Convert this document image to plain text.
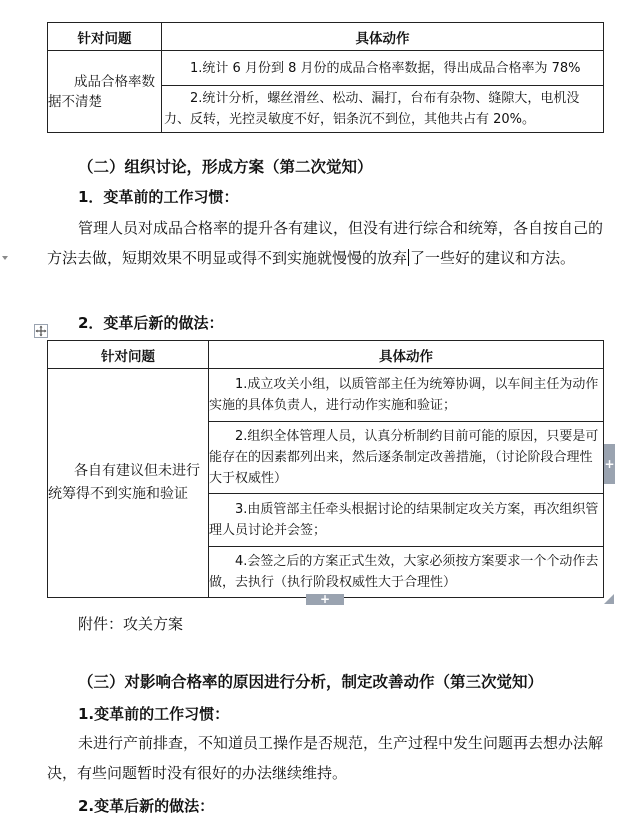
针对问题	具体动作
成品合格率数据不清楚	1.统计 6 月份到 8 月份的成品合格率数据，得出成品合格率为 78%
	2.统计分析，螺丝滑丝、松动、漏打，台布有杂物、缝隙大，电机没力、反转，光控灵敏度不好，铝条沉不到位，其他共占有 20%。
（二）组织讨论，形成方案（第二次觉知）
1．变革前的工作习惯：
管理人员对成品合格率的提升各有建议，但没有进行综合和统筹，各自按自己的方法去做，短期效果不明显或得不到实施就慢慢的放弃 了一些好的建议和方法。
2．变革后新的做法：
针对问题	具体动作
各自有建议但未进行统筹得不到实施和验证	1.成立攻关小组，以质管部主任为统筹协调，以车间主任为动作实施的具体负责人，进行动作实施和验证；
	2.组织全体管理人员，认真分析制约目前可能的原因，只要是可能存在的因素都列出来，然后逐条制定改善措施，（讨论阶段合理性大于权威性）
	3.由质管部主任牵头根据讨论的结果制定攻关方案，再次组织管理人员讨论并会签；
	4.会签之后的方案正式生效，大家必须按方案要求一个个动作去做，去执行（执行阶段权威性大于合理性）
+
+
附件：攻关方案
（三）对影响合格率的原因进行分析，制定改善动作（第三次觉知）
1.变革前的工作习惯：
未进行产前排查，不知道员工操作是否规范，生产过程中发生问题再去想办法解决，有些问题暂时没有很好的办法继续维持。
2.变革后新的做法：
